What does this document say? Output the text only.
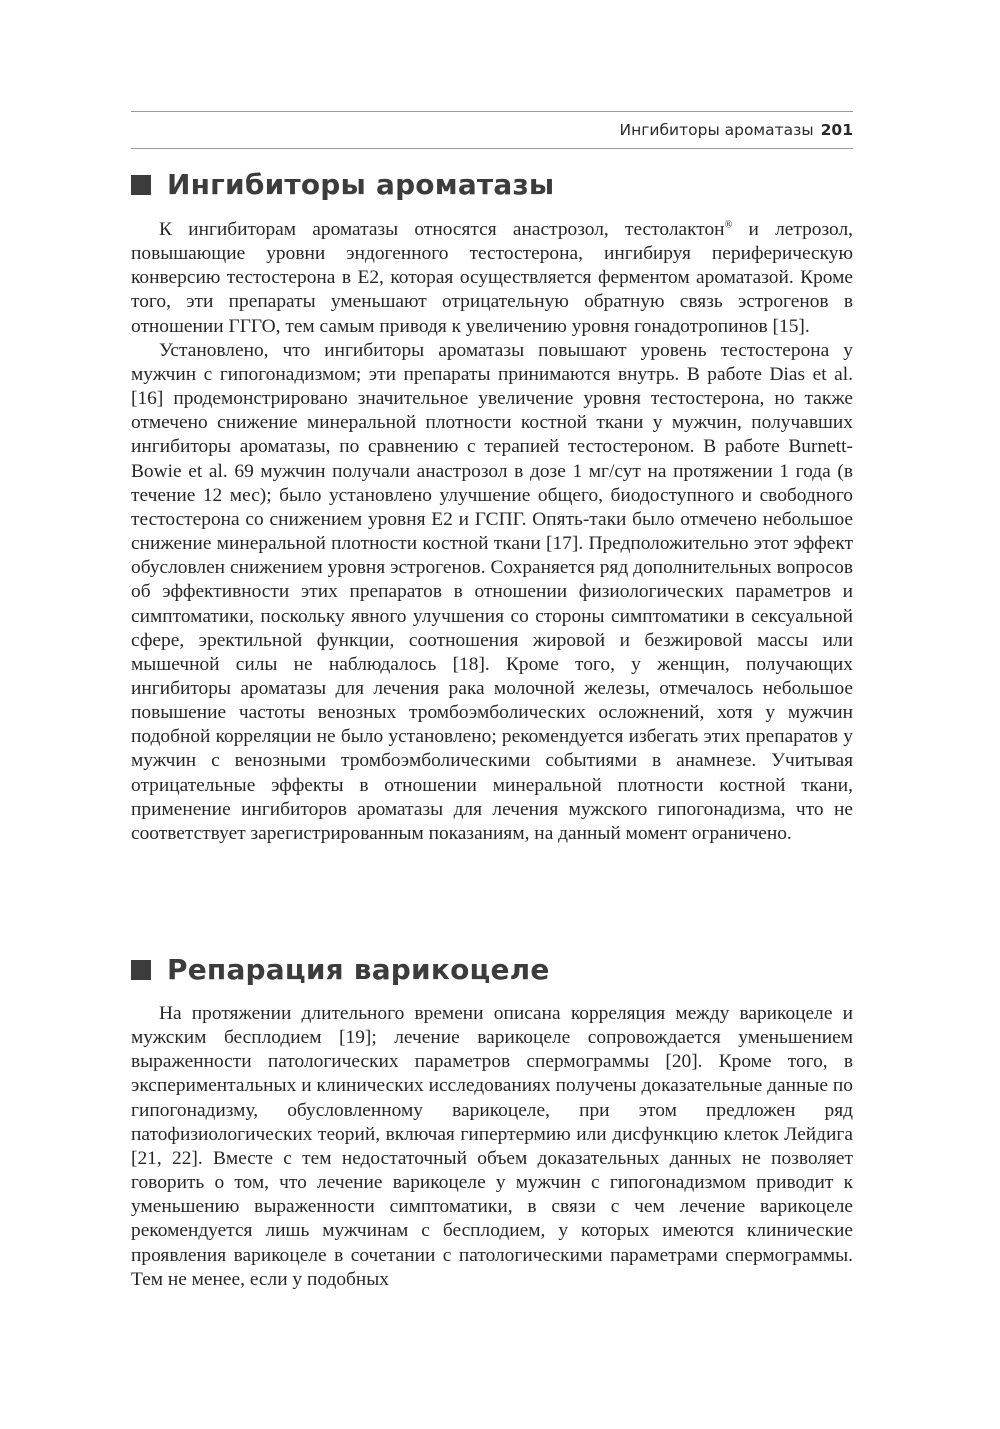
Ингибиторы ароматазы 201
Ингибиторы ароматазы

К ингибиторам ароматазы относятся анастрозол, тестолактон® и летрозол, повышающие уровни эндогенного тестостерона, ингибируя периферическую конверсию тестостерона в Е2, которая осуществляется ферментом ароматазой. Кроме того, эти препараты уменьшают отрицательную обратную связь эстрогенов в отношении ГГГО, тем самым приводя к увеличению уровня гонадотропинов [15].

Установлено, что ингибиторы ароматазы повышают уровень тестостерона у мужчин с гипогонадизмом; эти препараты принимаются внутрь. В работе Dias et al. [16] продемонстрировано значительное увеличение уровня тестостерона, но также отмечено снижение минеральной плотности костной ткани у мужчин, получавших ингибиторы ароматазы, по сравнению с терапией тестостероном. В работе Burnett-Bowie et al. 69 мужчин получали анастрозол в дозе 1 мг/сут на протяжении 1 года (в течение 12 мес); было установлено улучшение общего, биодоступного и свободного тестостерона со снижением уровня Е2 и ГСПГ. Опять-таки было отмечено небольшое снижение минеральной плотности костной ткани [17]. Предположительно этот эффект обусловлен снижением уровня эстрогенов. Сохраняется ряд дополнительных вопросов об эффективности этих препаратов в отношении физиологических параметров и симптоматики, поскольку явного улучшения со стороны симптоматики в сексуальной сфере, эректильной функции, соотношения жировой и безжировой массы или мышечной силы не наблюдалось [18]. Кроме того, у женщин, получающих ингибиторы ароматазы для лечения рака молочной железы, отмечалось небольшое повышение частоты венозных тромбоэмболических осложнений, хотя у мужчин подобной корреляции не было установлено; рекомендуется избегать этих препаратов у мужчин с венозными тромбоэмболическими событиями в анамнезе. Учитывая отрицательные эффекты в отношении минеральной плотности костной ткани, применение ингибиторов ароматазы для лечения мужского гипогонадизма, что не соответствует зарегистрированным показаниям, на данный момент ограничено.

Репарация варикоцеле

На протяжении длительного времени описана корреляция между варикоцеле и мужским бесплодием [19]; лечение варикоцеле сопровождается уменьшением выраженности патологических параметров спермограммы [20]. Кроме того, в экспериментальных и клинических исследованиях получены доказательные данные по гипогонадизму, обусловленному варикоцеле, при этом предложен ряд патофизиологических теорий, включая гипертермию или дисфункцию клеток Лейдига [21, 22]. Вместе с тем недостаточный объем доказательных данных не позволяет говорить о том, что лечение варикоцеле у мужчин с гипогонадизмом приводит к уменьшению выраженности симптоматики, в связи с чем лечение варикоцеле рекомендуется лишь мужчинам с бесплодием, у которых имеются клинические проявления варикоцеле в сочетании с патологическими параметрами спермограммы. Тем не менее, если у подобных
